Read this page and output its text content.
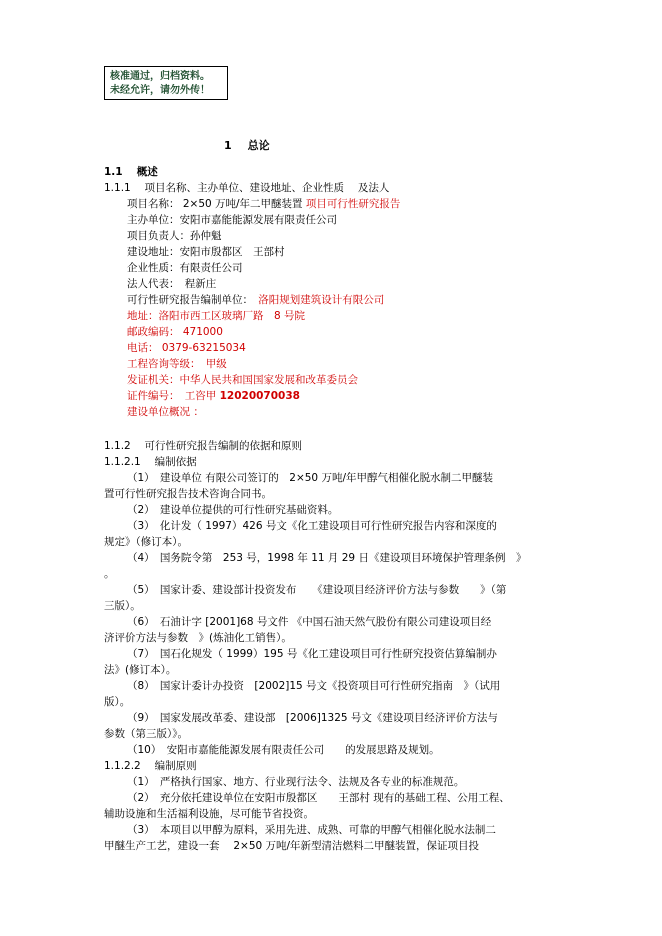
核准通过，归档资料。
未经允许，请勿外传！
1 总论
1.1　 概述
1.1.1　 项目名称、主办单位、建设地址、企业性质　 及法人
项目名称： 2×50 万吨/年二甲醚装置 项目可行性研究报告
主办单位：安阳市嘉能能源发展有限责任公司
项目负责人：孙仲魁
建设地址：安阳市殷都区　王部村
企业性质：有限责任公司
法人代表：　程新庄
可行性研究报告编制单位：　洛阳规划建筑设计有限公司
地址：洛阳市西工区玻璃厂路　8 号院
邮政编码： 471000
电话： 0379-63215034
工程咨询等级：　甲级
发证机关：中华人民共和国国家发展和改革委员会
证件编号：　工咨甲 12020070038
建设单位概况 ：
1.1.2　 可行性研究报告编制的依据和原则
1.1.2.1　 编制依据
（1）　建设单位 有限公司签订的　2×50 万吨/年甲醇气相催化脱水制二甲醚装
置可行性研究报告技术咨询合同书。
（2）　建设单位提供的可行性研究基础资料。
（3）　化计发（ 1997）426 号文《化工建设项目可行性研究报告内容和深度的
规定》（修订本）。
（4）　国务院令第　253 号，1998 年 11 月 29 日《建设项目环境保护管理条例　》
。
（5）　国家计委、建设部计投资发布　　《建设项目经济评价方法与参数　　》（第
三版）。
（6）　石油计字 [2001]68 号文件 《中国石油天然气股份有限公司建设项目经
济评价方法与参数　》(炼油化工销售）。
（7）　国石化规发（ 1999）195 号《化工建设项目可行性研究投资估算编制办
法》(修订本）。
（8）　国家计委计办投资　[2002]15 号文《投资项目可行性研究指南　》（试用
版）。
（9）　国家发展改革委、建设部　[2006]1325 号文《建设项目经济评价方法与
参数（第三版）》。
（10）　安阳市嘉能能源发展有限责任公司　　的发展思路及规划。
1.1.2.2　 编制原则
（1）　严格执行国家、地方、行业现行法令、法规及各专业的标准规范。
（2）　充分依托建设单位在安阳市殷都区　　王部村 现有的基础工程、公用工程、
辅助设施和生活福利设施，尽可能节省投资。
（3）　本项目以甲醇为原料，采用先进、成熟、可靠的甲醇气相催化脱水法制二
甲醚生产工艺，建设一套　 2×50 万吨/年新型清洁燃料二甲醚装置，保证项目投
